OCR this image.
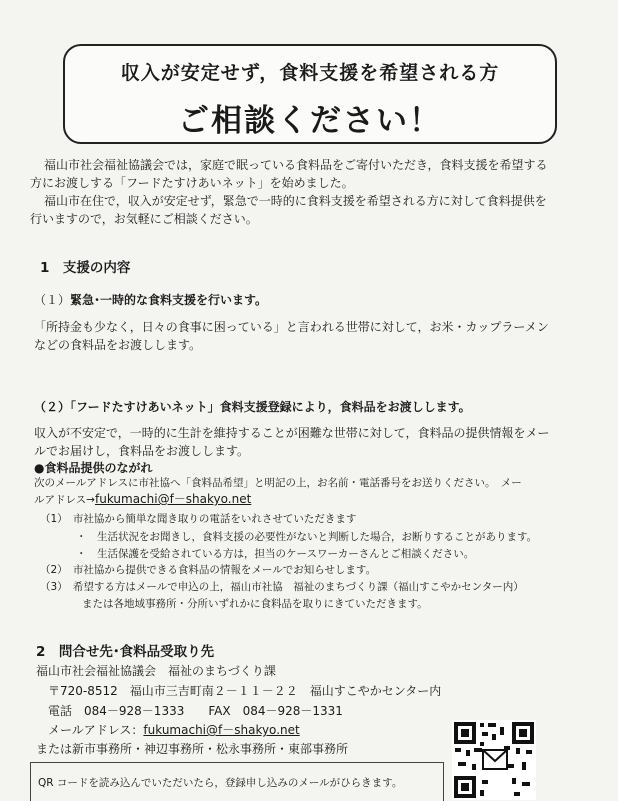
収入が安定せず，食料支援を希望される方
ご相談ください！
福山市社会福祉協議会では，家庭で眠っている食料品をご寄付いただき，食料支援を希望する
方にお渡しする「フードたすけあいネット」を始めました。
福山市在住で，収入が安定せず，緊急で一時的に食料支援を希望される方に対して食料提供を
行いますので，お気軽にご相談ください。
1　支援の内容
（１）緊急･一時的な食料支援を行います。
「所持金も少なく，日々の食事に困っている」と言われる世帯に対して，お米・カップラーメン
などの食料品をお渡しします。
（２）「フードたすけあいネット」食料支援登録により，食料品をお渡しします。
収入が不安定で，一時的に生計を維持することが困難な世帯に対して，食料品の提供情報をメー
ルでお届けし，食料品をお渡しします。
●食料品提供のながれ
次のメールアドレスに市社協へ「食料品希望」と明記の上，お名前・電話番号をお送りください。　メー
ルアドレス→fukumachi@f－shakyo.net
（1）　市社協から簡単な聞き取りの電話をいれさせていただきます
・　生活状況をお聞きし，食料支援の必要性がないと判断した場合，お断りすることがあります。
・　生活保護を受給されている方は，担当のケースワーカーさんとご相談ください。
（2）　市社協から提供できる食料品の情報をメールでお知らせします。
（3）　希望する方はメールで申込の上，福山市社協　福祉のまちづくり課（福山すこやかセンター内）
　　　　または各地域事務所・分所いずれかに食料品を取りにきていただきます。
2　問合せ先･食料品受取り先
福山市社会福祉協議会　福祉のまちづくり課
〒720-8512　福山市三吉町南２－１１－２２　福山すこやかセンター内
電話　084－928－1333　　FAX　084－928－1331
メールアドレス：fukumachi@f－shakyo.net
または新市事務所・神辺事務所・松永事務所・東部事務所
QR コードを読み込んでいただいたら，登録申し込みのメールがひらきます。
